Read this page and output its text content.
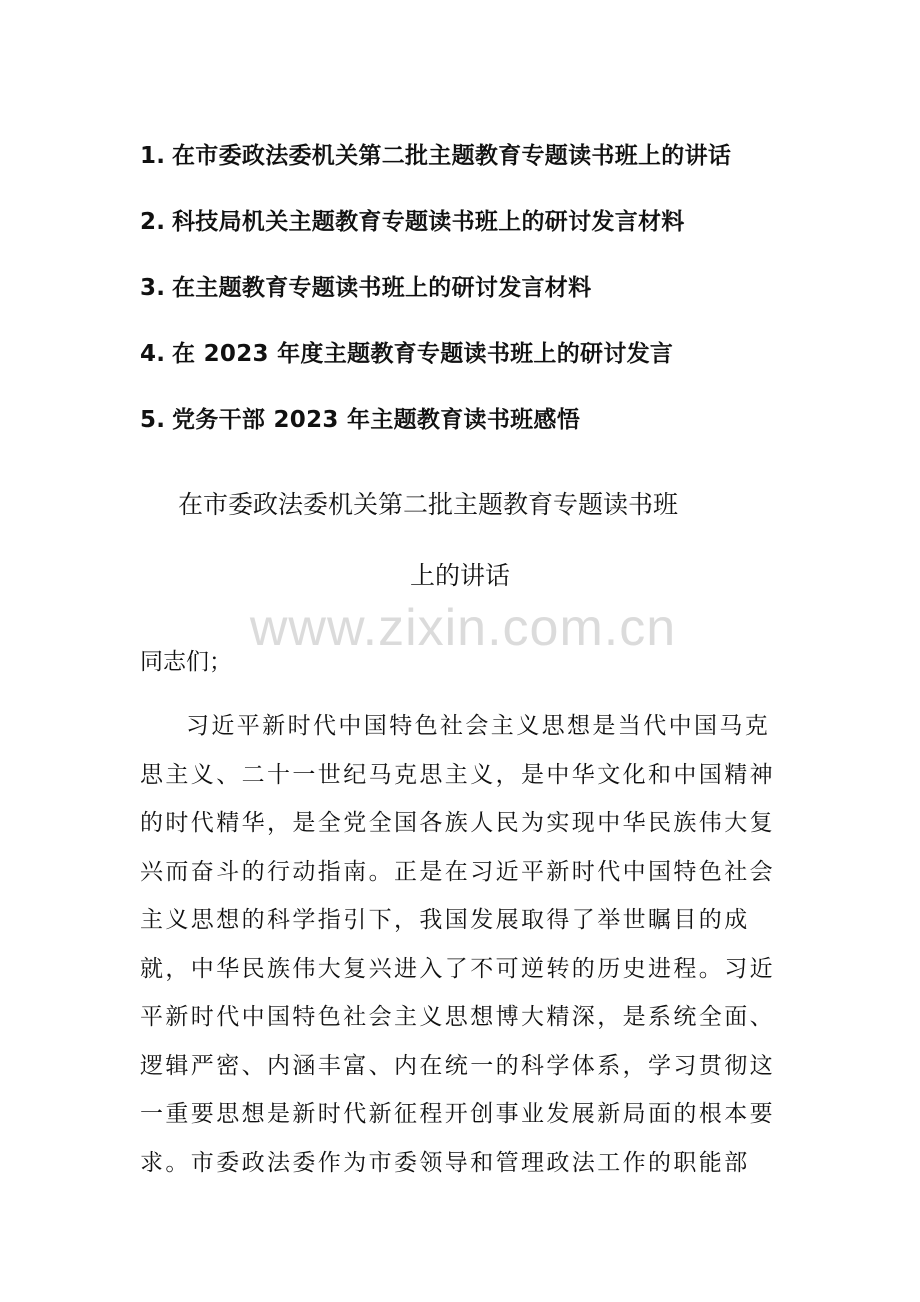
1. 在市委政法委机关第二批主题教育专题读书班上的讲话
2. 科技局机关主题教育专题读书班上的研讨发言材料
3. 在主题教育专题读书班上的研讨发言材料
4. 在 2023 年度主题教育专题读书班上的研讨发言
5. 党务干部 2023 年主题教育读书班感悟
在市委政法委机关第二批主题教育专题读书班
上的讲话
www.zixin.com.cn
同志们；
习近平新时代中国特色社会主义思想是当代中国马克
思主义、二十一世纪马克思主义，是中华文化和中国精神
的时代精华，是全党全国各族人民为实现中华民族伟大复
兴而奋斗的行动指南。正是在习近平新时代中国特色社会
主义思想的科学指引下，我国发展取得了举世瞩目的成
就，中华民族伟大复兴进入了不可逆转的历史进程。习近
平新时代中国特色社会主义思想博大精深，是系统全面、
逻辑严密、内涵丰富、内在统一的科学体系，学习贯彻这
一重要思想是新时代新征程开创事业发展新局面的根本要
求。市委政法委作为市委领导和管理政法工作的职能部
